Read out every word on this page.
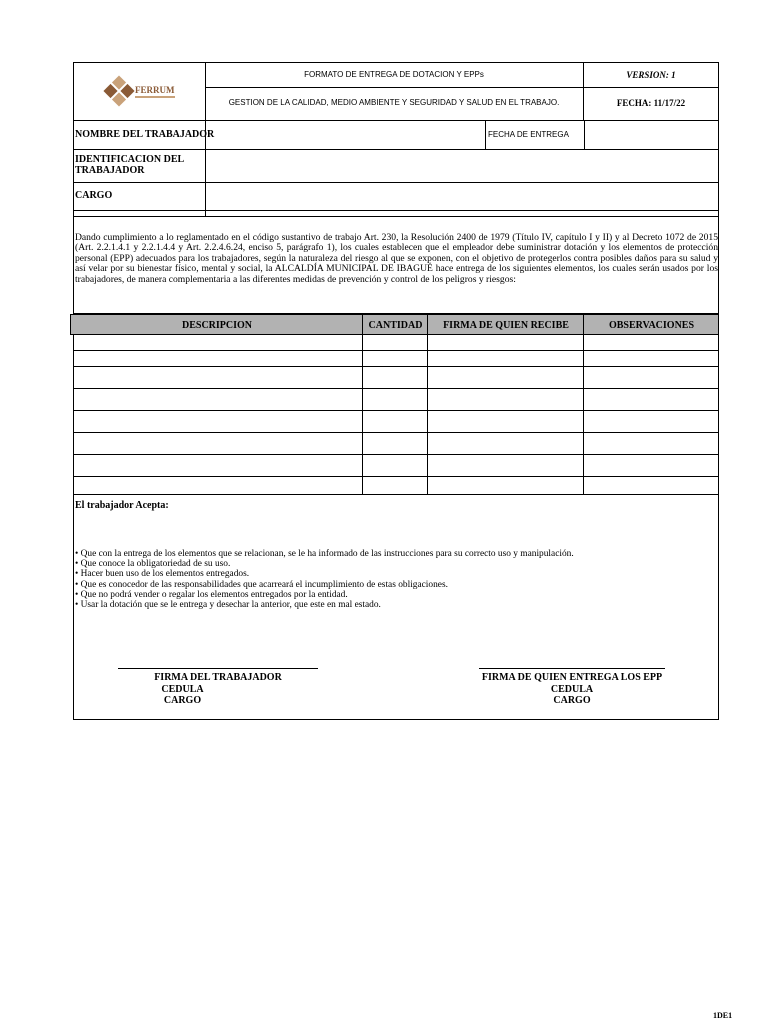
FERRUM
FORMATO DE ENTREGA DE DOTACION Y EPPs
GESTION DE LA CALIDAD, MEDIO AMBIENTE Y SEGURIDAD Y SALUD EN EL TRABAJO.
VERSION: 1
FECHA: 11/17/22
NOMBRE DEL TRABAJADOR	FECHA DE ENTREGA
IDENTIFICACION DEL TRABAJADOR
CARGO
Dando cumplimiento a lo reglamentado en el código sustantivo de trabajo Art. 230, la Resolución 2400 de 1979 (Título IV, capítulo I y II) y al Decreto 1072 de 2015 (Art. 2.2.1.4.1 y 2.2.1.4.4 y Art. 2.2.4.6.24, enciso 5, parágrafo 1), los cuales establecen que el empleador debe suministrar dotación y los elementos de protección personal (EPP) adecuados para los trabajadores, según la naturaleza del riesgo al que se exponen, con el objetivo de protegerlos contra posibles daños para su salud y así velar por su bienestar físico, mental y social, la ALCALDÍA MUNICIPAL DE IBAGUÉ hace entrega de los siguientes elementos, los cuales serán usados por los trabajadores, de manera complementaria a las diferentes medidas de prevención y control de los peligros y riesgos:
DESCRIPCION	CANTIDAD	FIRMA DE QUIEN RECIBE	OBSERVACIONES
El trabajador Acepta:
• Que con la entrega de los elementos que se relacionan, se le ha informado de las instrucciones para su correcto uso y manipulación.
• Que conoce la obligatoriedad de su uso.
• Hacer buen uso de los elementos entregados.
• Que es conocedor de las responsabilidades que acarreará el incumplimiento de estas obligaciones.
• Que no podrá vender o regalar los elementos entregados por la entidad.
• Usar la dotación que se le entrega y desechar la anterior, que este en mal estado.
FIRMA DEL TRABAJADOR
CEDULA
CARGO
FIRMA DE QUIEN ENTREGA LOS EPP
CEDULA
CARGO
1DE1
